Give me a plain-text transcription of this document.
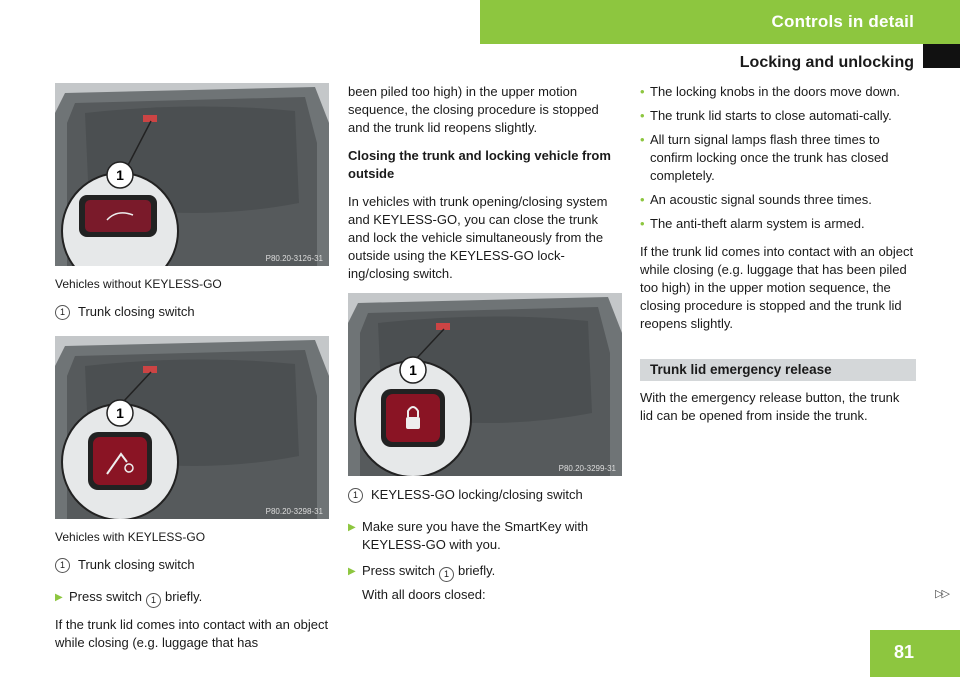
Controls in detail
Locking and unlocking
1
P80.20-3126-31

Vehicles without KEYLESS-GO

1	Trunk closing switch
1
P80.20-3298-31

Vehicles with KEYLESS-GO

1	Trunk closing switch
▶ Press switch 1 briefly.

If the trunk lid comes into contact with an object while closing (e.g. luggage that has

been piled too high) in the upper motion sequence, the closing procedure is stopped and the trunk lid reopens slightly.

Closing the trunk and locking vehicle from outside

In vehicles with trunk opening/closing system and KEYLESS-GO, you can close the trunk and lock the vehicle simultaneously from the outside using the KEYLESS-GO lock-ing/closing switch.

1
P80.20-3299-31
1	KEYLESS-GO locking/closing switch
▶ Make sure you have the SmartKey with KEYLESS-GO with you.
▶ Press switch 1 briefly.

With all doors closed:

• The locking knobs in the doors move down.
• The trunk lid starts to close automati-cally.
• All turn signal lamps flash three times to confirm locking once the trunk has closed completely.
• An acoustic signal sounds three times.
• The anti-theft alarm system is armed.

If the trunk lid comes into contact with an object while closing (e.g. luggage that has been piled too high) in the upper motion sequence, the closing procedure is stopped and the trunk lid reopens slightly.

Trunk lid emergency release

With the emergency release button, the trunk lid can be opened from inside the trunk.

▷▷
81
